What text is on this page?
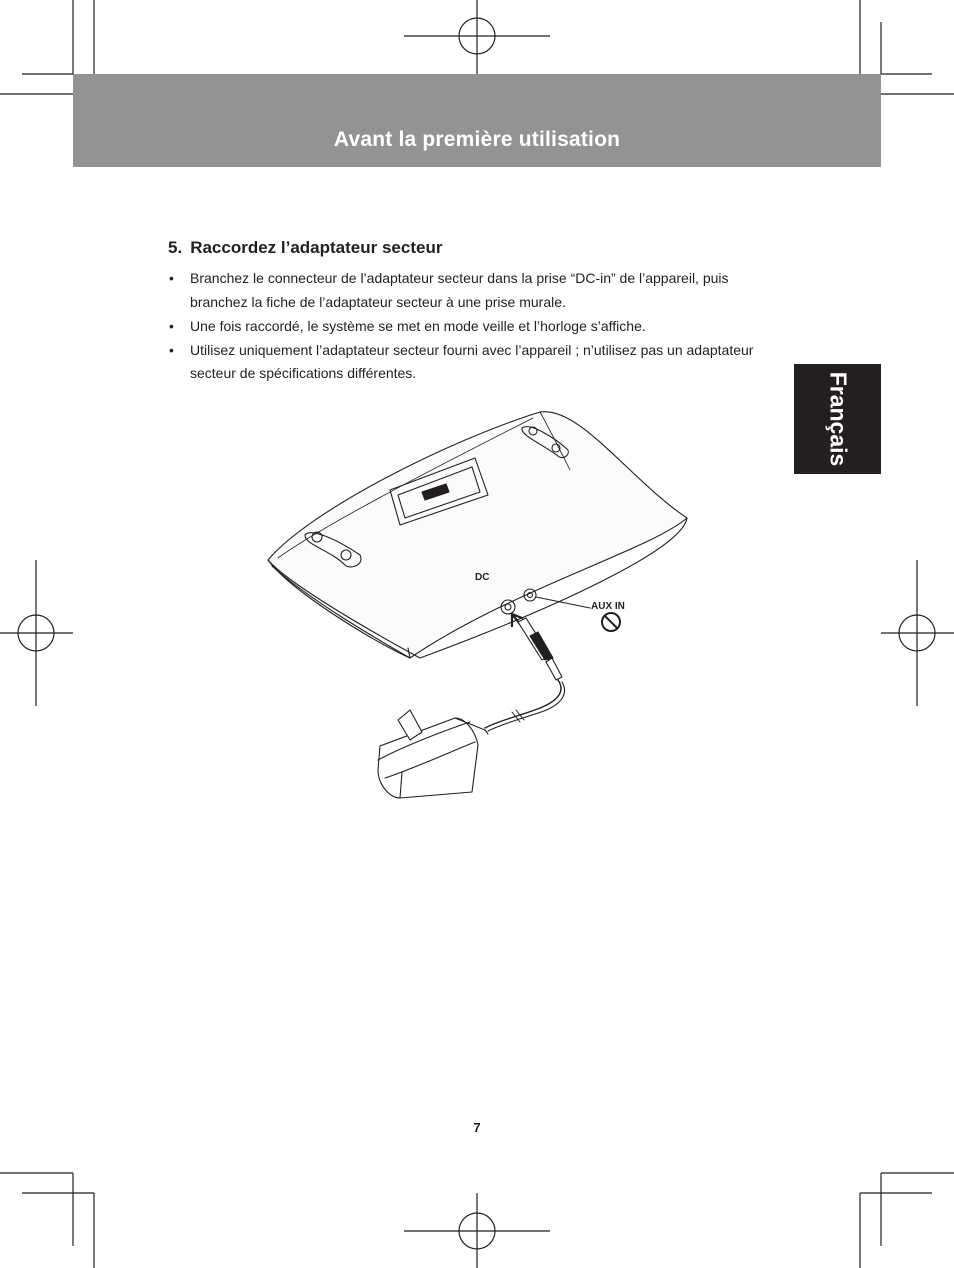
Avant la première utilisation
Français
5. Raccordez l’adaptateur secteur
• Branchez le connecteur de l’adaptateur secteur dans la prise “DC-in” de l’appareil, puis branchez la fiche de l’adaptateur secteur à une prise murale.
• Une fois raccordé, le système se met en mode veille et l’horloge s’affiche.
• Utilisez uniquement l’adaptateur secteur fourni avec l’appareil ; n’utilisez pas un adaptateur secteur de spécifications différentes.
DC
AUX IN
7
